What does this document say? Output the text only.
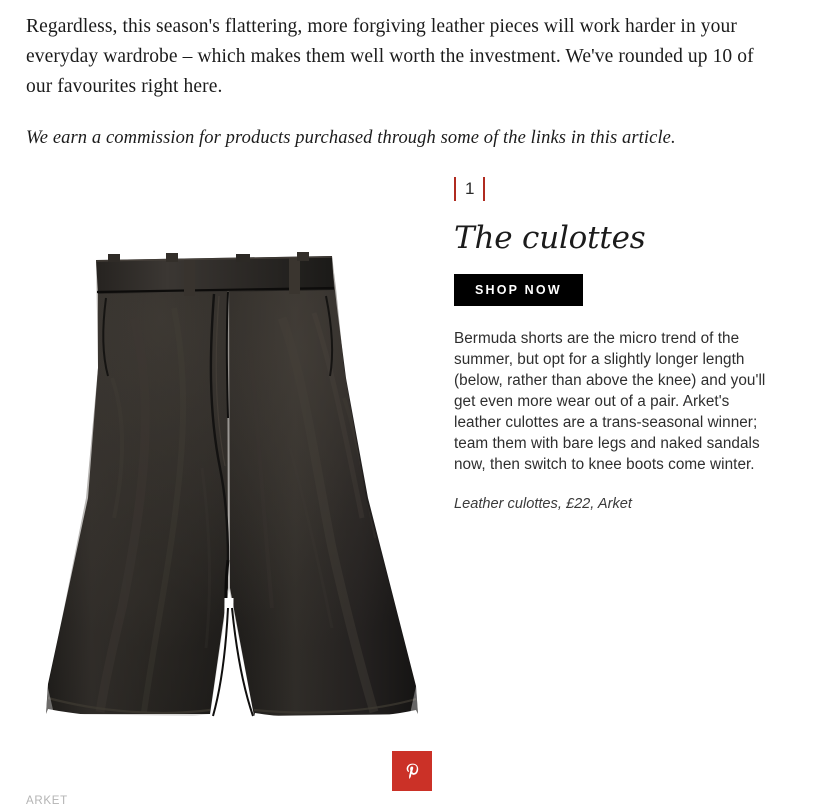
Regardless, this season's flattering, more forgiving leather pieces will work harder in your everyday wardrobe – which makes them well worth the investment. We've rounded up 10 of our favourites right here.

We earn a commission for products purchased through some of the links in this article.

ARKET
1
The culottes
SHOP NOW

Bermuda shorts are the micro trend of the summer, but opt for a slightly longer length (below, rather than above the knee) and you'll get even more wear out of a pair. Arket's leather culottes are a trans-seasonal winner; team them with bare legs and naked sandals now, then switch to knee boots come winter.

Leather culottes, £22, Arket
